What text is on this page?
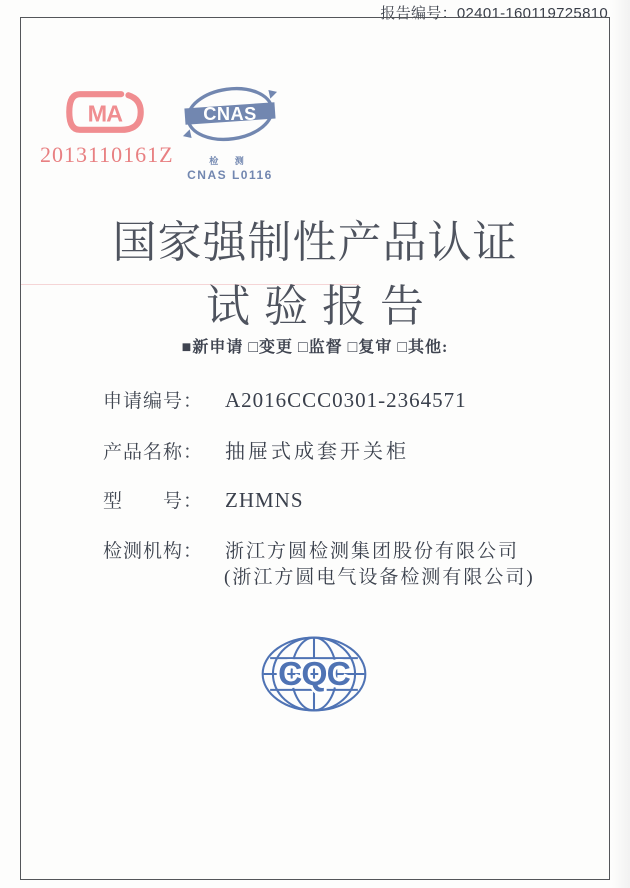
报告编号：02401-160119725810
MA
2013110161Z
CNAS
检 测
CNAS L0116
国家强制性产品认证
试验报告
■新申请 □变更 □监督 □复审 □其他:
申请编号： A2016CCC0301-2364571
产品名称： 抽屉式成套开关柜
型　　号： ZHMNS
检测机构： 浙江方圆检测集团股份有限公司
(浙江方圆电气设备检测有限公司)
CQC
